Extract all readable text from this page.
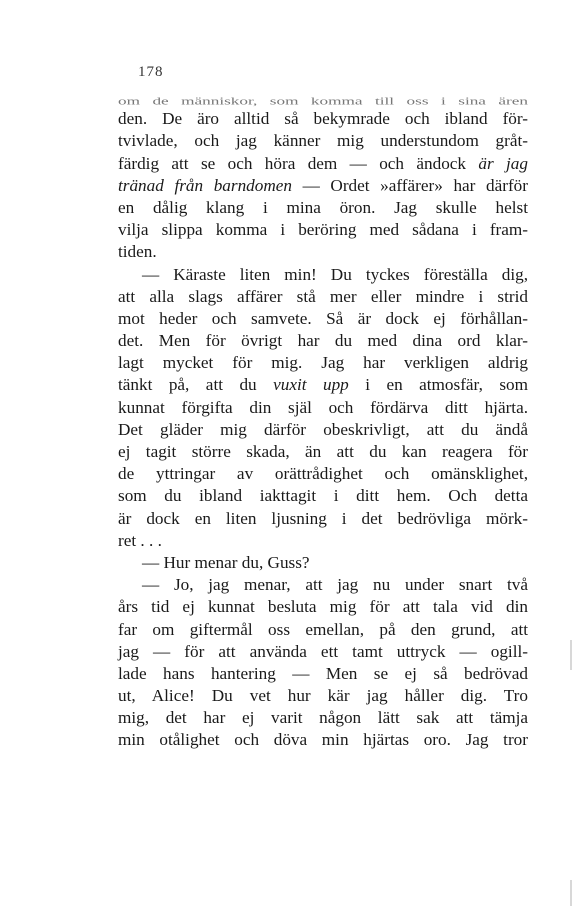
178
om de människor, som komma till oss i sina ären
den. De äro alltid så bekymrade och ibland för-
tvivlade, och jag känner mig understundom gråt-
färdig att se och höra dem — och ändock är jag
tränad från barndomen — Ordet »affärer» har därför
en dålig klang i mina öron. Jag skulle helst
vilja slippa komma i beröring med sådana i fram-
tiden.
— Käraste liten min! Du tyckes föreställa dig,
att alla slags affärer stå mer eller mindre i strid
mot heder och samvete. Så är dock ej förhållan-
det. Men för övrigt har du med dina ord klar-
lagt mycket för mig. Jag har verkligen aldrig
tänkt på, att du vuxit upp i en atmosfär, som
kunnat förgifta din själ och fördärva ditt hjärta.
Det gläder mig därför obeskrivligt, att du ändå
ej tagit större skada, än att du kan reagera för
de yttringar av orättrådighet och omänsklighet,
som du ibland iakttagit i ditt hem. Och detta
är dock en liten ljusning i det bedrövliga mörk-
ret . . .
— Hur menar du, Guss?
— Jo, jag menar, att jag nu under snart två
års tid ej kunnat besluta mig för att tala vid din
far om giftermål oss emellan, på den grund, att
jag — för att använda ett tamt uttryck — ogill-
lade hans hantering — Men se ej så bedrövad
ut, Alice! Du vet hur kär jag håller dig. Tro
mig, det har ej varit någon lätt sak att tämja
min otålighet och döva min hjärtas oro. Jag tror
